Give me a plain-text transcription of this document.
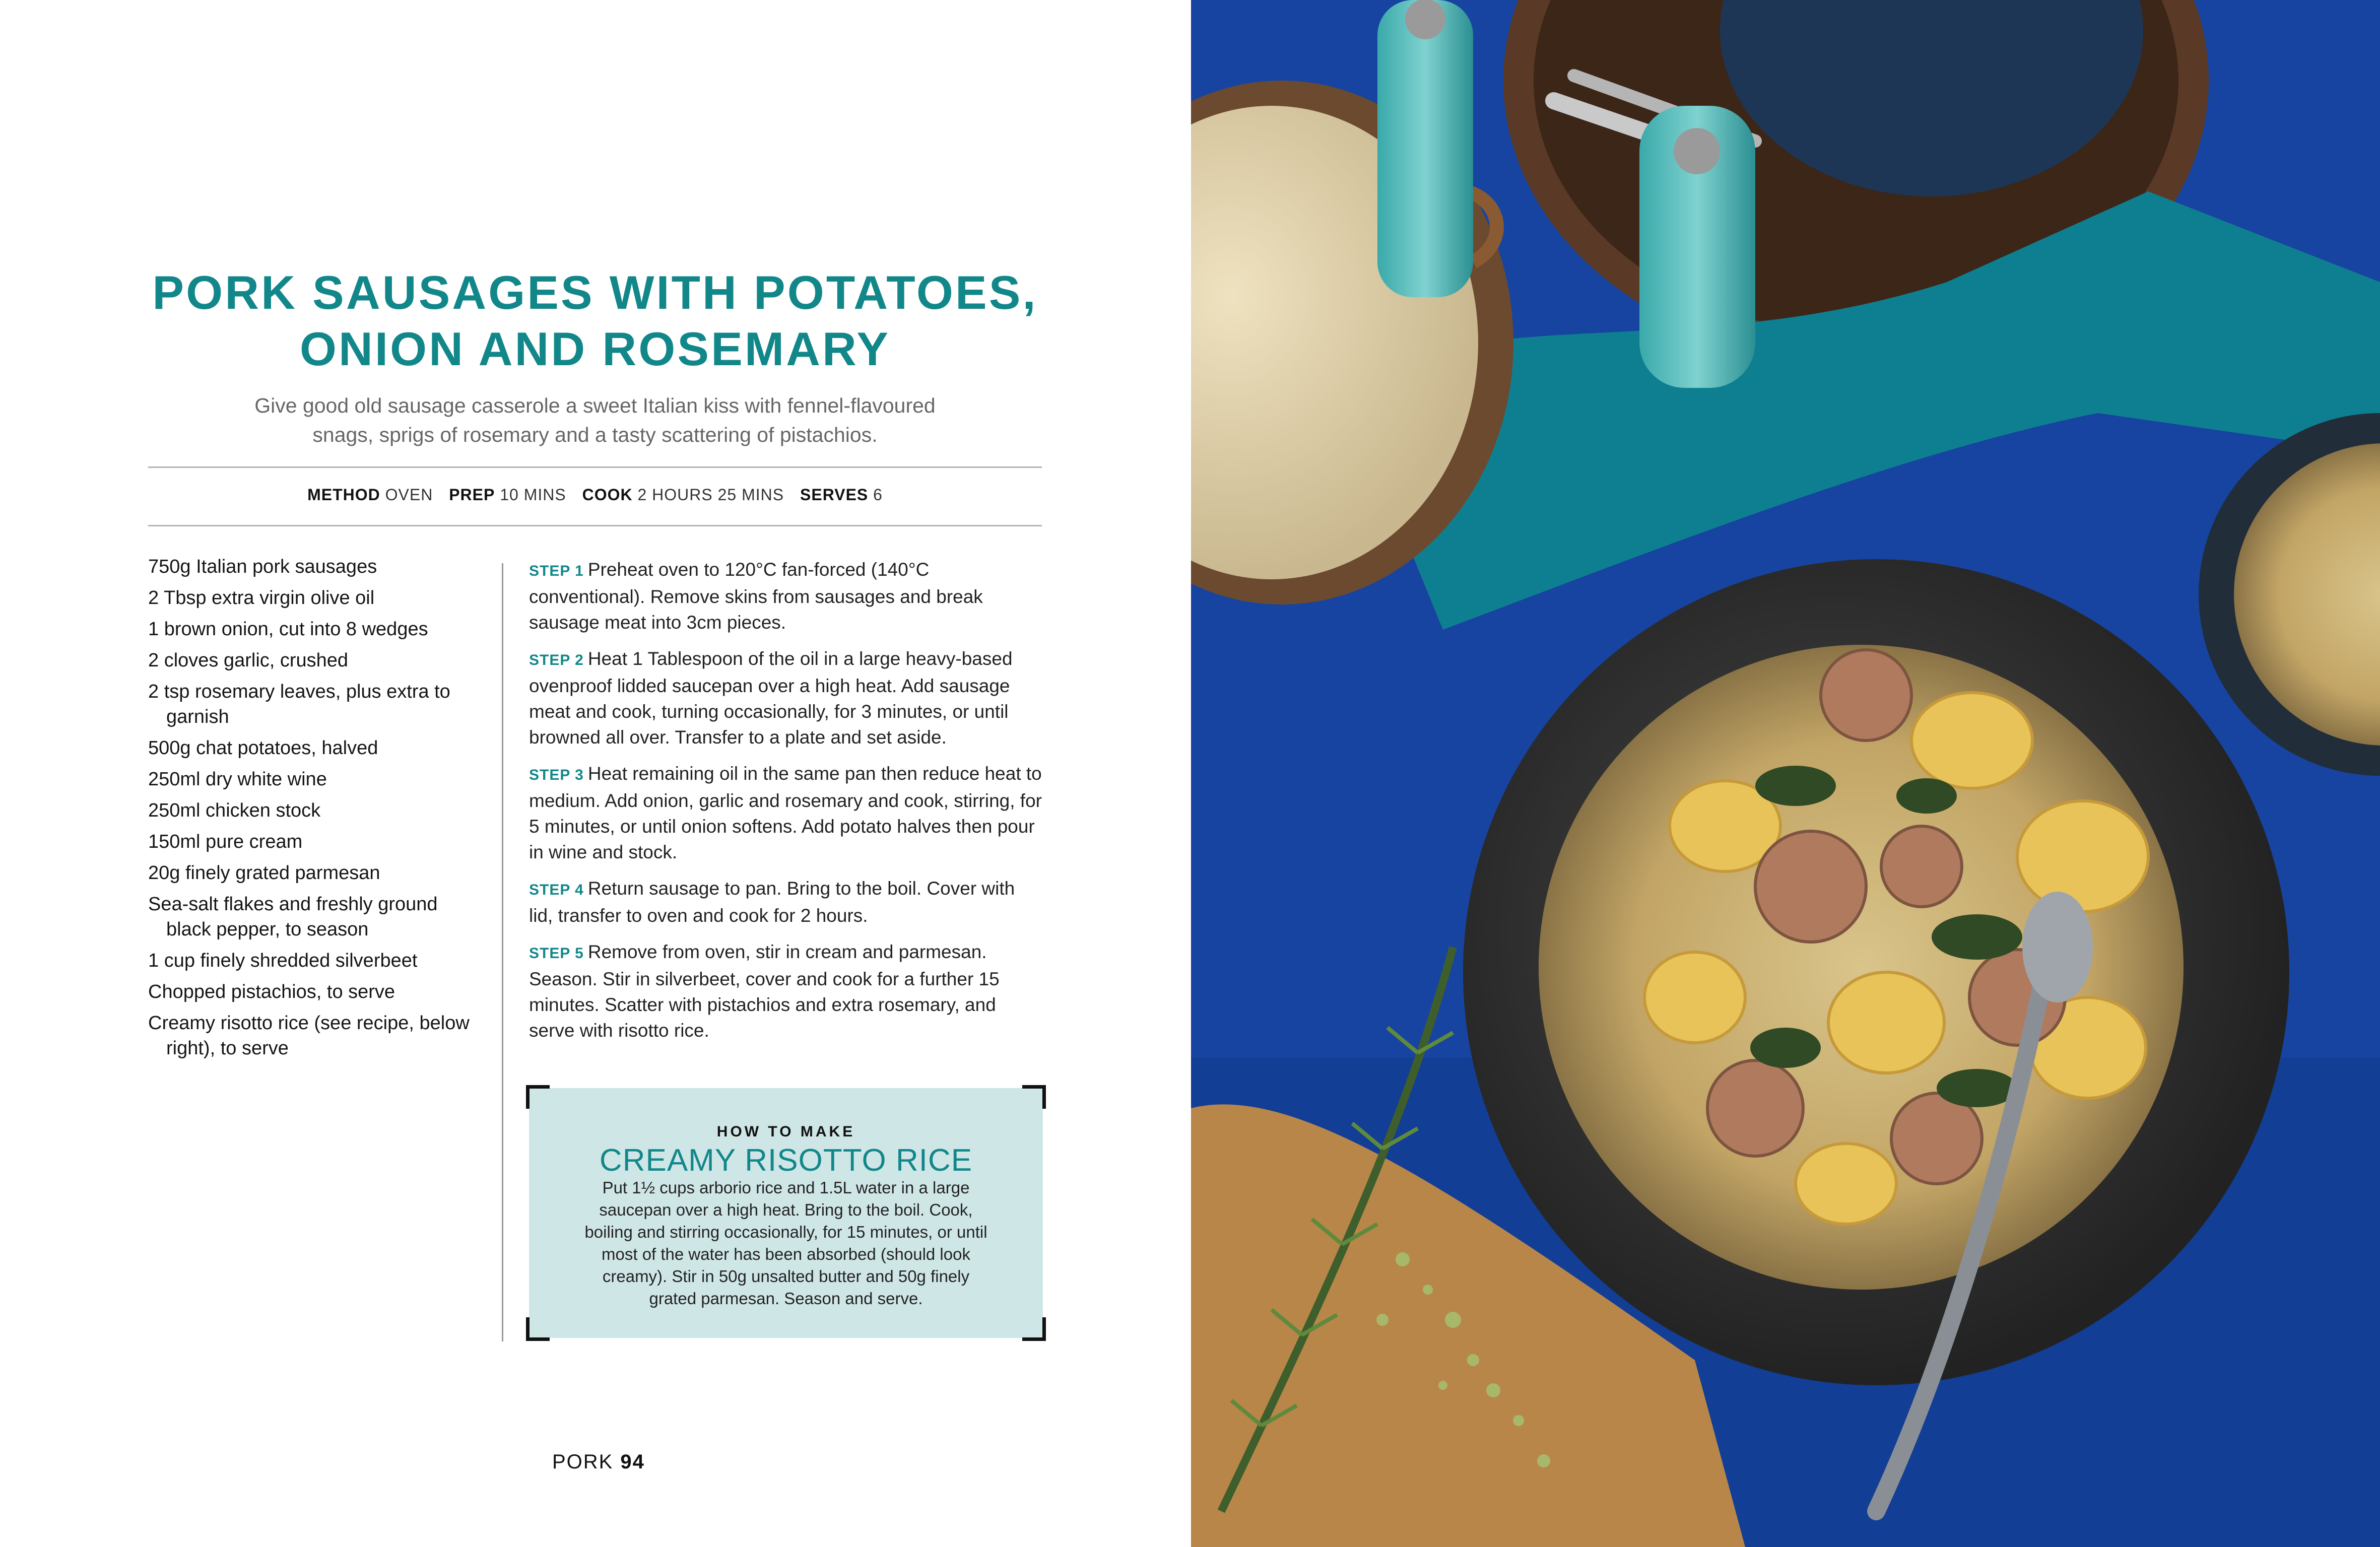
PORK SAUSAGES WITH POTATOES,
ONION AND ROSEMARY

Give good old sausage casserole a sweet Italian kiss with fennel-flavoured
snags, sprigs of rosemary and a tasty scattering of pistachios.

METHOD OVEN PREP 10 MINS COOK 2 HOURS 25 MINS SERVES 6
750g Italian pork sausages
2 Tbsp extra virgin olive oil
1 brown onion, cut into 8 wedges
2 cloves garlic, crushed
2 tsp rosemary leaves, plus extra to garnish
500g chat potatoes, halved
250ml dry white wine
250ml chicken stock
150ml pure cream
20g finely grated parmesan
Sea-salt flakes and freshly ground black pepper, to season
1 cup finely shredded silverbeet
Chopped pistachios, to serve
Creamy risotto rice (see recipe, below right), to serve

STEP 1 Preheat oven to 120°C fan-forced (140°C conventional). Remove skins from sausages and break sausage meat into 3cm pieces.

STEP 2 Heat 1 Tablespoon of the oil in a large heavy-based ovenproof lidded saucepan over a high heat. Add sausage meat and cook, turning occasionally, for 3 minutes, or until browned all over. Transfer to a plate and set aside.

STEP 3 Heat remaining oil in the same pan then reduce heat to medium. Add onion, garlic and rosemary and cook, stirring, for 5 minutes, or until onion softens. Add potato halves then pour in wine and stock.

STEP 4 Return sausage to pan. Bring to the boil. Cover with lid, transfer to oven and cook for 2 hours.

STEP 5 Remove from oven, stir in cream and parmesan. Season. Stir in silverbeet, cover and cook for a further 15 minutes. Scatter with pistachios and extra rosemary, and serve with risotto rice.

HOW TO MAKE
CREAMY RISOTTO RICE
Put 1½ cups arborio rice and 1.5L water in a large saucepan over a high heat. Bring to the boil. Cook, boiling and stirring occasionally, for 15 minutes, or until most of the water has been absorbed (should look creamy). Stir in 50g unsalted butter and 50g finely grated parmesan. Season and serve.
PORK 94
